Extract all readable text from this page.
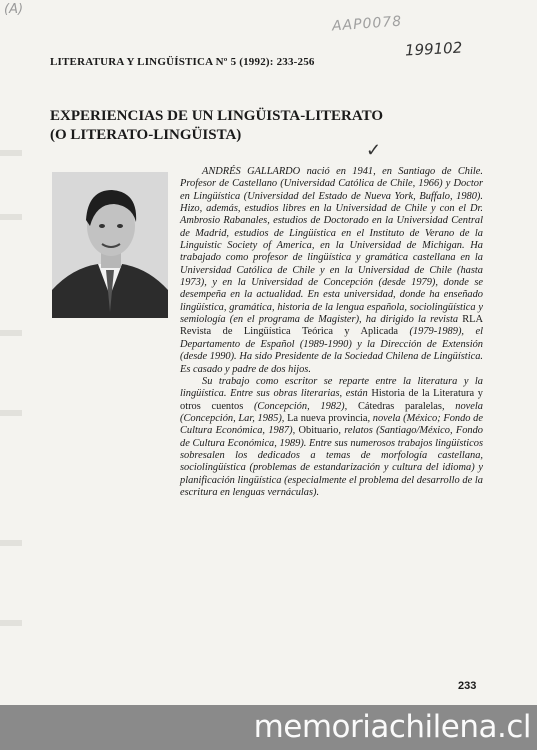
(A)
AAP0078
199102
✓
LITERATURA Y LINGÜÍSTICA Nº 5 (1992): 233-256
EXPERIENCIAS DE UN LINGÜISTA-LITERATO
(O LITERATO-LINGÜISTA)

ANDRÉS GALLARDO nació en 1941, en Santiago de Chile. Profesor de Castellano (Universidad Católica de Chile, 1966) y Doctor en Lingüística (Universidad del Estado de Nueva York, Buffalo, 1980). Hizo, además, estudios libres en la Universidad de Chile y con el Dr. Ambrosio Rabanales, estudios de Doctorado en la Universidad Central de Madrid, estudios de Lingüística en el Instituto de Verano de la Linguistic Society of America, en la Universidad de Michigan. Ha trabajado como profesor de lingüística y gramática castellana en la Universidad Católica de Chile y en la Universidad de Chile (hasta 1973), y en la Universidad de Concepción (desde 1979), donde se desempeña en la actualidad. En esta universidad, donde ha enseñado lingüística, gramática, historia de la lengua española, sociolingüística y semiología (en el programa de Magister), ha dirigido la revista RLA Revista de Lingüística Teórica y Aplicada (1979-1989), el Departamento de Español (1989-1990) y la Dirección de Extensión (desde 1990). Ha sido Presidente de la Sociedad Chilena de Lingüística. Es casado y padre de dos hijos.

Su trabajo como escritor se reparte entre la literatura y la lingüística. Entre sus obras literarias, están Historia de la Literatura y otros cuentos (Concepción, 1982), Cátedras paralelas, novela (Concepción, Lar, 1985), La nueva provincia, novela (México; Fondo de Cultura Económica, 1987), Obituario, relatos (Santiago/México, Fondo de Cultura Económica, 1989). Entre sus numerosos trabajos lingüísticos sobresalen los dedicados a temas de morfología castellana, sociolingüística (problemas de estandarización y cultura del idioma) y planificación lingüística (especialmente el problema del desarrollo de la escritura en lenguas vernáculas).

233
memoriachilena.cl
